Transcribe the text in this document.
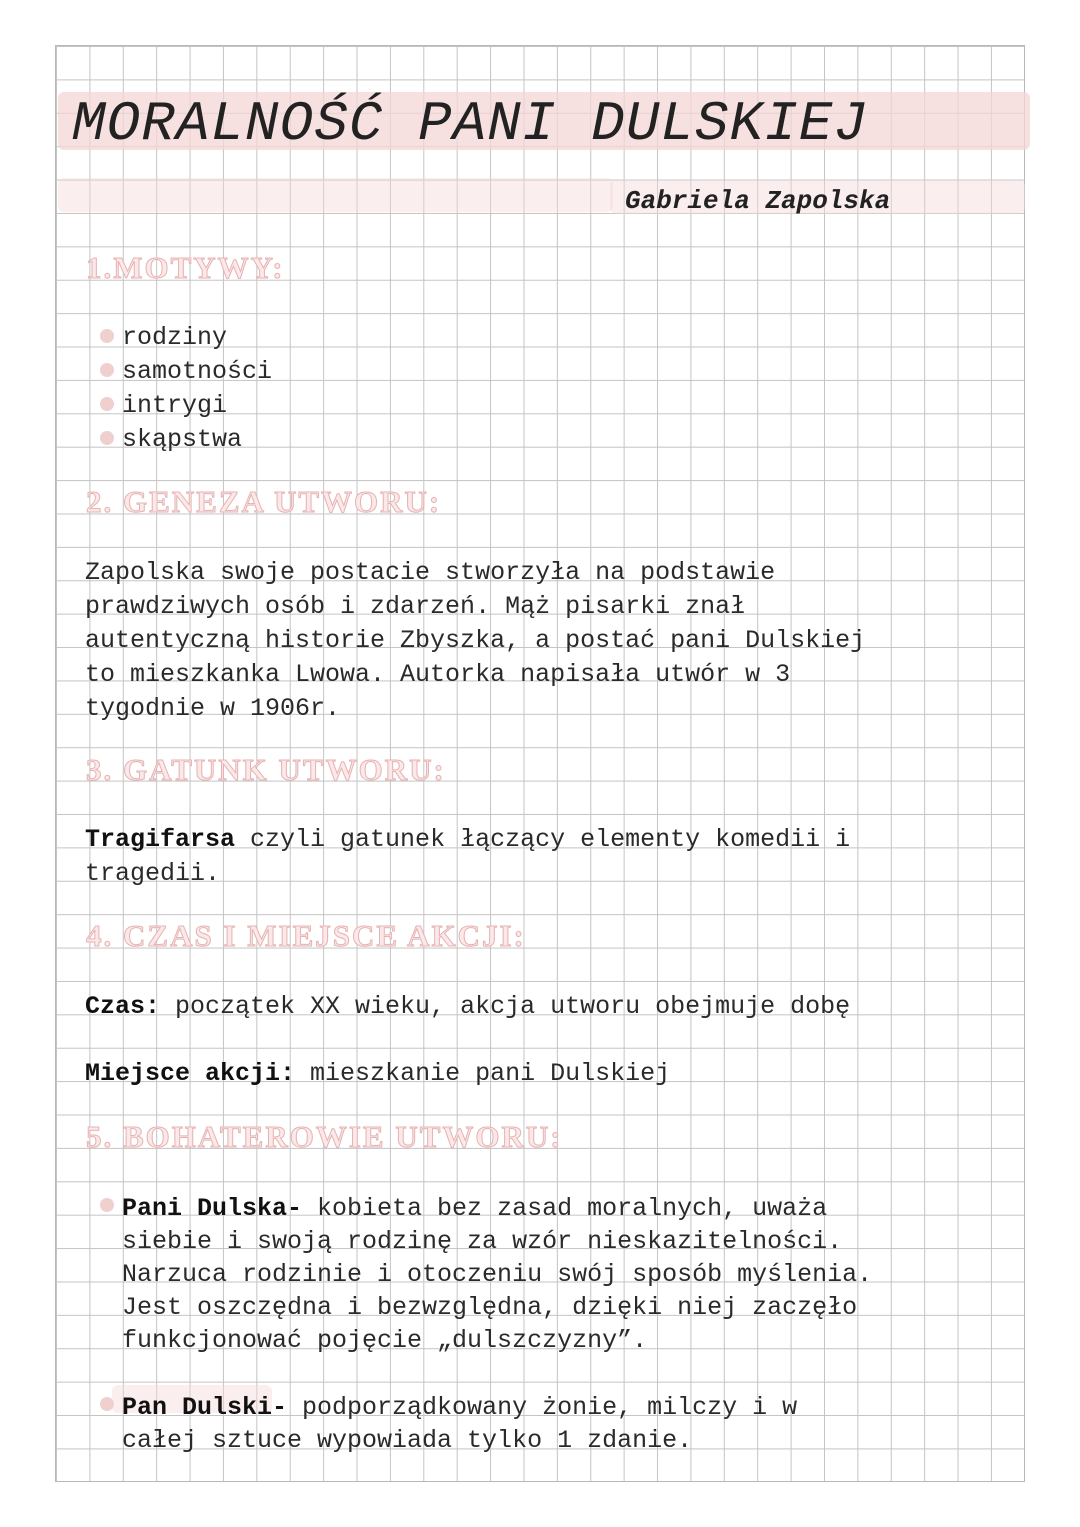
MORALNOŚĆ PANI DULSKIEJ

Gabriela Zapolska

1.MOTYWY:
rodziny
samotności
intrygi
skąpstwa
2. GENEZA UTWORU:

Zapolska swoje postacie stworzyła na podstawie
prawdziwych osób i zdarzeń. Mąż pisarki znał
autentyczną historie Zbyszka, a postać pani Dulskiej
to mieszkanka Lwowa. Autorka napisała utwór w 3
tygodnie w 1906r.

3. GATUNK UTWORU:

Tragifarsa czyli gatunek łączący elementy komedii i
tragedii.

4. CZAS I MIEJSCE AKCJI:

Czas: początek XX wieku, akcja utworu obejmuje dobę

Miejsce akcji: mieszkanie pani Dulskiej

5. BOHATEROWIE UTWORU:
Pani Dulska- kobieta bez zasad moralnych, uważa
siebie i swoją rodzinę za wzór nieskazitelności.
Narzuca rodzinie i otoczeniu swój sposób myślenia.
Jest oszczędna i bezwzględna, dzięki niej zaczęło
funkcjonować pojęcie „dulszczyzny”.
Pan Dulski- podporządkowany żonie, milczy i w
całej sztuce wypowiada tylko 1 zdanie.
